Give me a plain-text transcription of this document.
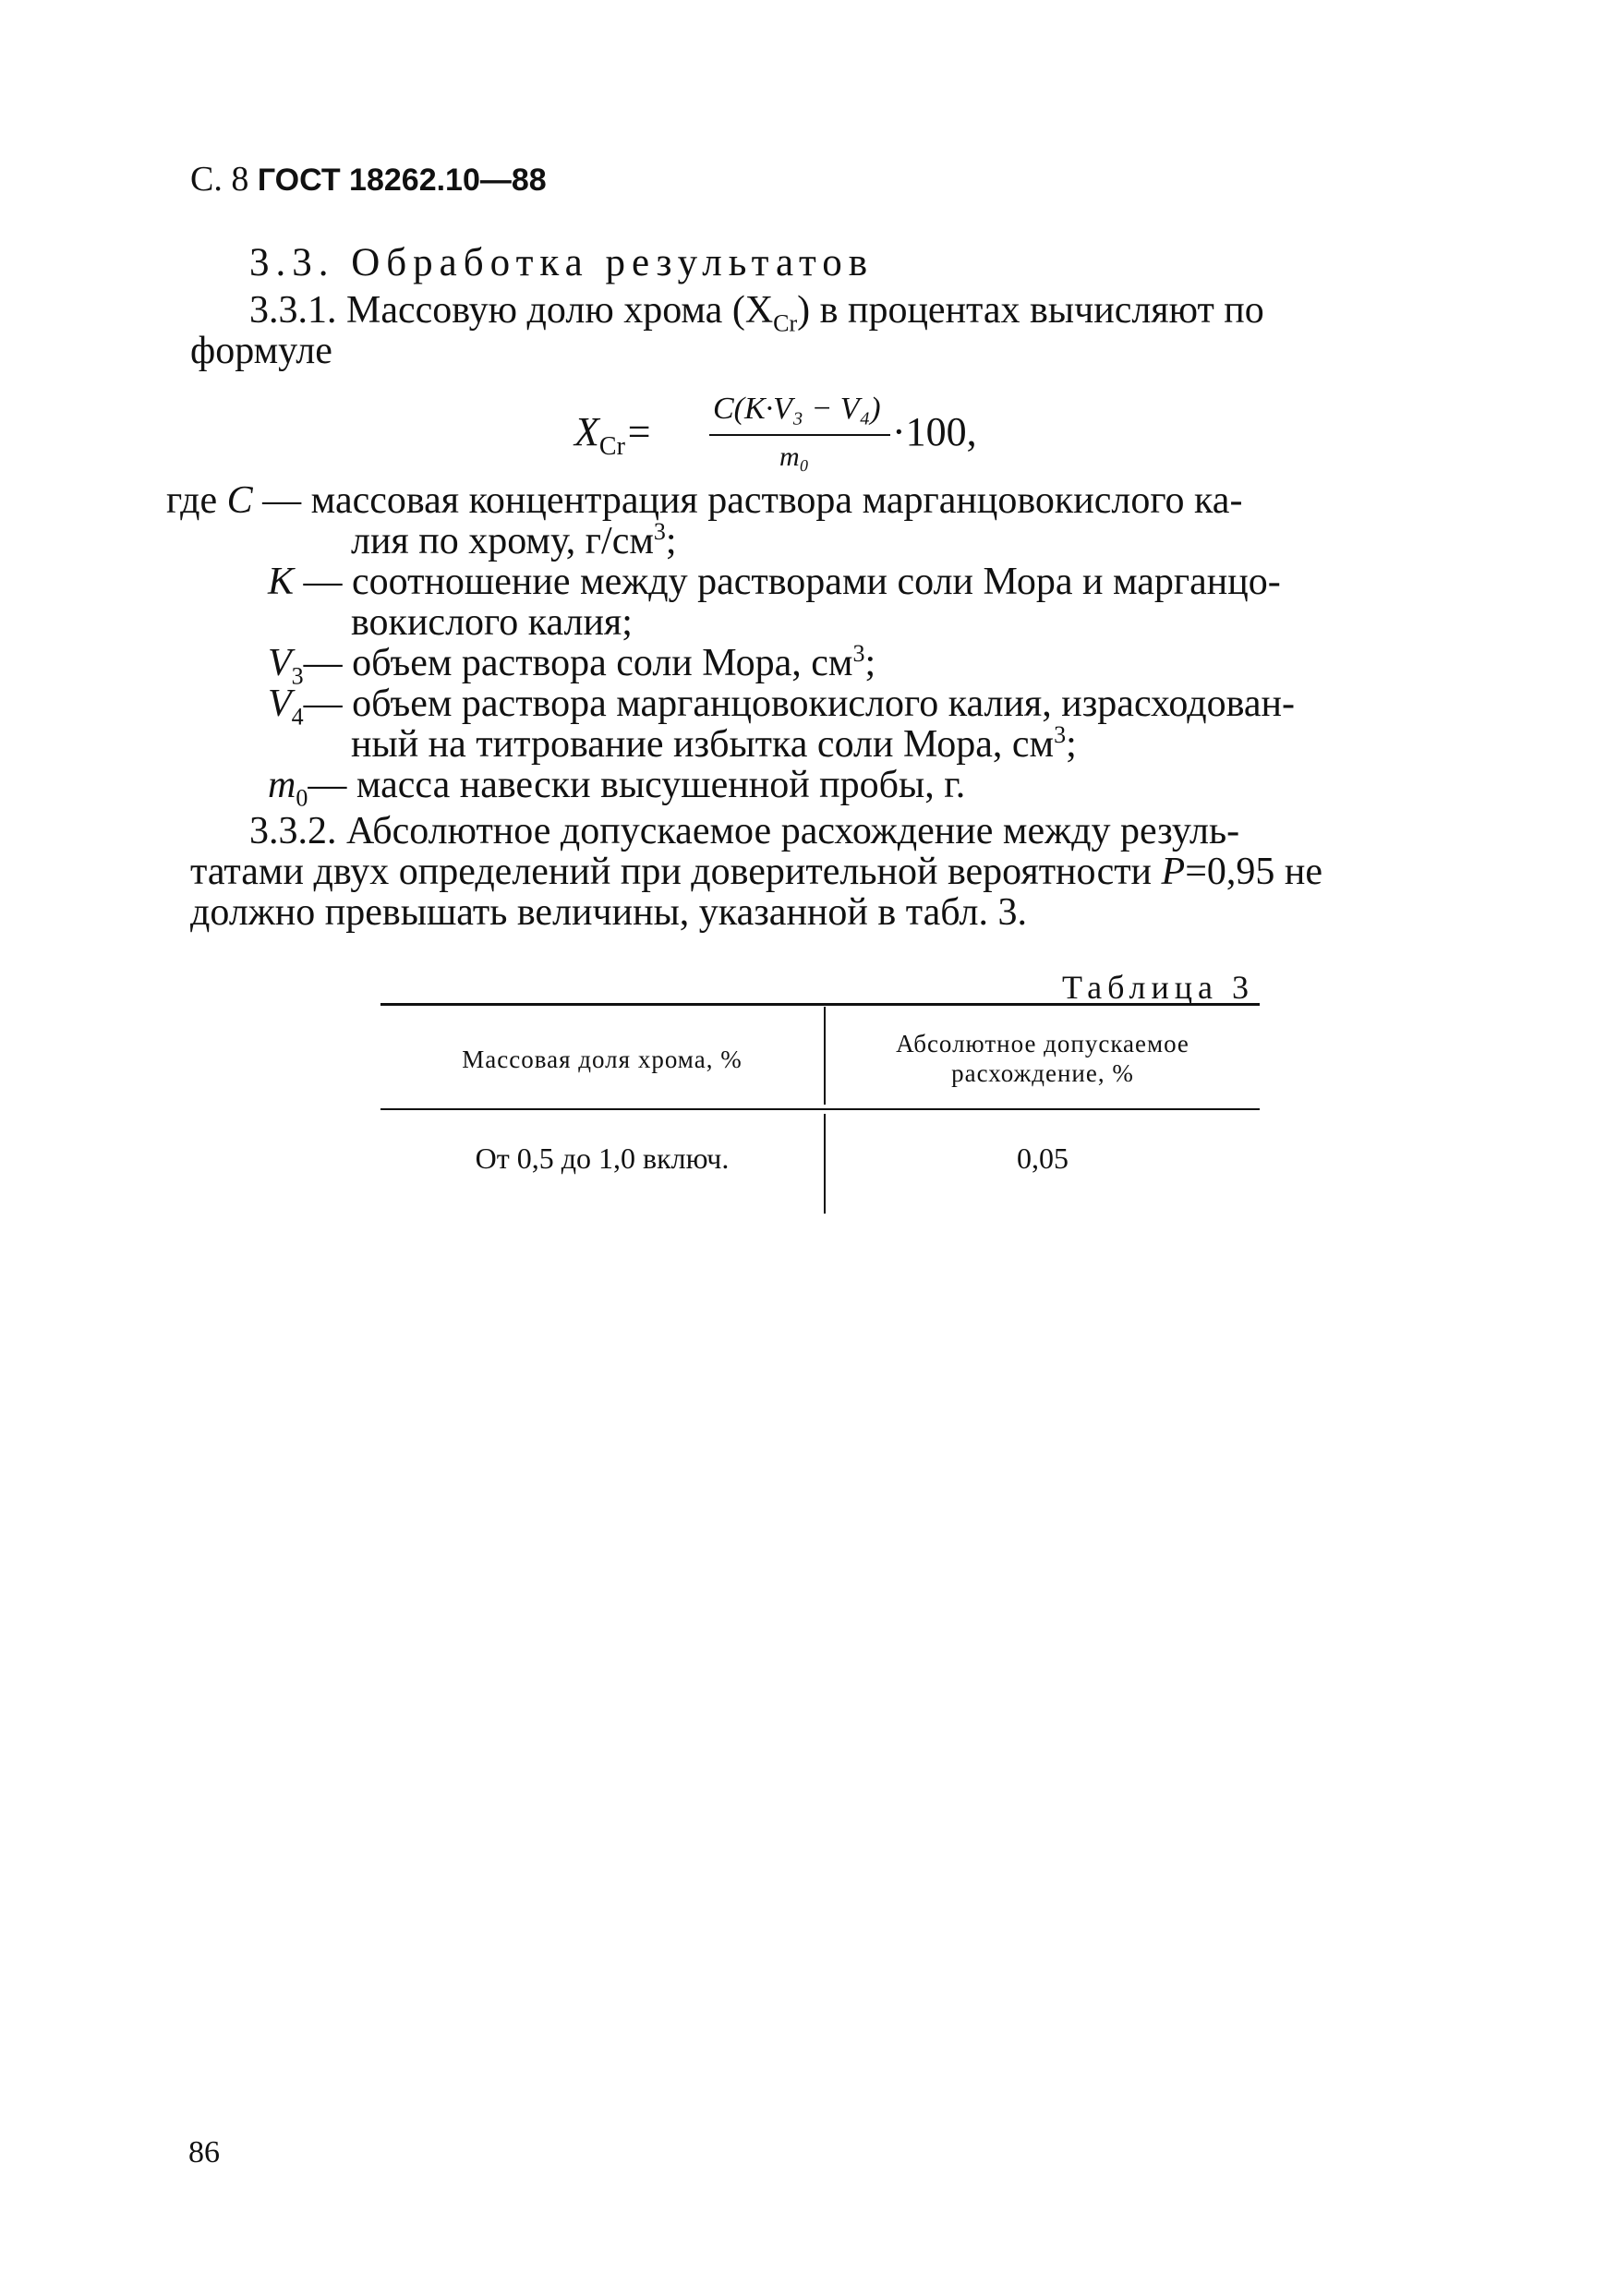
С. 8 ГОСТ 18262.10—88
3.3. Обработка результатов
3.3.1. Массовую долю хрома $(X_{Cr})$ в процентах вычисляют по
формуле
$X_{Cr}=$
C(K·V₃ − V₄)
m₀
·100,
где C — массовая концентрация раствора марганцовокислого ка-
лия по хрому, $г/см^3$;
K — соотношение между растворами соли Мора и марганцо-
вокислого калия;
$V_3—$ объем раствора соли Мора, $см^3$;
$V_4—$ объем раствора марганцовокислого калия, израсходован-
ный на титрование избытка соли Мора, $см^3$;
$m_0—$ масса навески высушенной пробы, г.
3.3.2. Абсолютное допускаемое расхождение между резуль-
татами двух определений при доверительной вероятности P=0,95 не
должно превышать величины, указанной в табл. 3.
Таблица 3
Массовая доля хрома, %
Абсолютное допускаемое
расхождение, %
От 0,5 до 1,0 включ.	0,05
86
